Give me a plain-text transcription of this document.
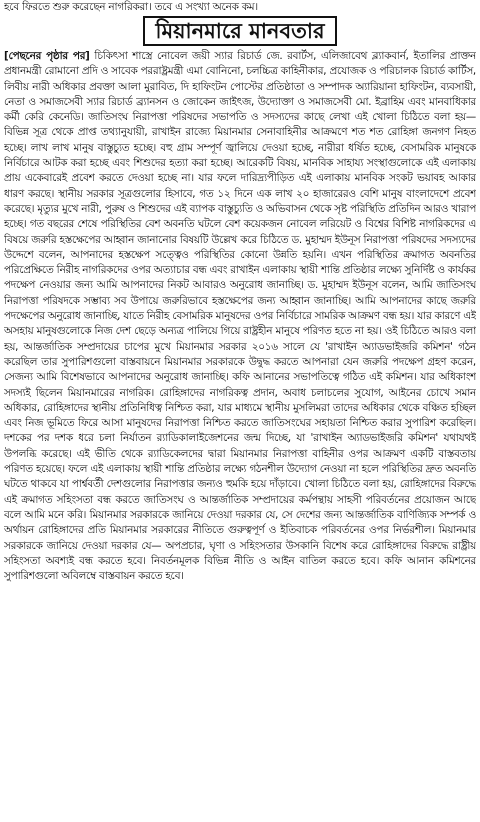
হবে ফিরতে শুরু করেছেন নাগরিকরা। তবে এ সংখ্যা অনেক কম।
মিয়ানমারে মানবতার
[পেছনের পৃষ্ঠার পর] চিকিৎসা শাস্ত্রে নোবেল জয়ী স্যার রিচার্ড জে. রবার্টস, এলিজাবেথ ব্ল্যাকবার্ন, ইতালির প্রাক্তন প্রধানমন্ত্রী রোমানো প্রদি ও সাবেক পররাষ্ট্রমন্ত্রী এমা বোনিনো, চলচ্চিত্র কাহিনীকার, প্রযোজক ও পরিচালক রিচার্ড কার্টিস, লিবীয় নারী অধিকার প্রবক্তা আলা মুরাবিত, দি হাফিংটন পোস্টের প্রতিষ্ঠাতা ও সম্পাদক অ্যারিয়ানা হাফিংটন, ব্যবসায়ী, নেতা ও সমাজসেবী স্যার রিচার্ড ব্র্যানসন ও জোকেন জাইৎজ, উদ্যোক্তা ও সমাজসেবী মো. ইব্রাহিম এবং মানবাধিকার কর্মী কেরি কেনেডি। জাতিসংঘ নিরাপত্তা পরিষদের সভাপতি ও সদস্যদের কাছে লেখা এই খোলা চিঠিতে বলা হয়— বিভিন্ন সূত্র থেকে প্রাপ্ত তথ্যানুযায়ী, রাখাইন রাজ্যে মিয়ানমার সেনাবাহিনীর আক্রমণে শত শত রোহিঙ্গা জনগণ নিহত হচ্ছে। লাখ লাখ মানুষ বাস্তুচ্যুত হচ্ছে। বহু গ্রাম সম্পূর্ণ জ্বালিয়ে দেওয়া হচ্ছে, নারীরা ধর্ষিত হচ্ছে, বেসামরিক মানুষকে নির্বিচারে আটক করা হচ্ছে এবং শিশুদের হত্যা করা হচ্ছে। আরেকটি বিষয়, মানবিক সাহায্য সংস্থাগুলোকে এই এলাকায় প্রায় একেবারেই প্রবেশ করতে দেওয়া হচ্ছে না। যার ফলে দারিদ্র্যপীড়িত এই এলাকায় মানবিক সংকট ভয়াবহ আকার ধারণ করছে। স্থানীয় সরকার সূত্রগুলোর হিসাবে, গত ১২ দিনে এক লাখ ২০ হাজারেরও বেশি মানুষ বাংলাদেশে প্রবেশ করেছে। মৃত্যুর মুখে নারী, পুরুষ ও শিশুদের এই ব্যাপক বাস্তুচ্যুতি ও অভিবাসন থেকে সৃষ্ট পরিস্থিতি প্রতিদিন আরও খারাপ হচ্ছে। গত বছরের শেষে পরিস্থিতির বেশ অবনতি ঘটলে বেশ কয়েকজন নোবেল লরিয়েট ও বিশ্বের বিশিষ্ট নাগরিকদের এ বিষয়ে জরুরি হস্তক্ষেপের আহ্বান জানানোর বিষয়টি উল্লেখ করে চিঠিতে ড. মুহাম্মদ ইউনূস নিরাপত্তা পরিষদের সদস্যদের উদ্দেশে বলেন, আপনাদের হস্তক্ষেপ সত্ত্বেও পরিস্থিতির কোনো উন্নতি হয়নি। এখন পরিস্থিতির ক্রমাগত অবনতির পরিপ্রেক্ষিতে নিরীহ নাগরিকদের ওপর অত্যাচার বন্ধ এবং রাখাইন এলাকায় স্থায়ী শান্তি প্রতিষ্ঠার লক্ষ্যে সুনির্দিষ্ট ও কার্যকর পদক্ষেপ নেওয়ার জন্য আমি আপনাদের নিকট আবারও অনুরোধ জানাচ্ছি। ড. মুহাম্মদ ইউনূস বলেন, আমি জাতিসংঘ নিরাপত্তা পরিষদকে সম্ভাব্য সব উপায়ে জরুরিভাবে হস্তক্ষেপের জন্য আহ্বান জানাচ্ছি। আমি আপনাদের কাছে জরুরি পদক্ষেপের অনুরোধ জানাচ্ছি, যাতে নিরীহ বেসামরিক মানুষদের ওপর নির্বিচারে সামরিক আক্রমণ বন্ধ হয়। যার কারণে এই অসহায় মানুষগুলোকে নিজ দেশ ছেড়ে অন্যত্র পালিয়ে গিয়ে রাষ্ট্রহীন মানুষে পরিণত হতে না হয়। ওই চিঠিতে আরও বলা হয়, আন্তর্জাতিক সম্প্রদায়ের চাপের মুখে মিয়ানমার সরকার ২০১৬ সালে যে 'রাখাইন অ্যাডভাইজরি কমিশন' গঠন করেছিল তার সুপারিশগুলো বাস্তবায়নে মিয়ানমার সরকারকে উদ্বুদ্ধ করতে আপনারা যেন জরুরি পদক্ষেপ গ্রহণ করেন, সেজন্য আমি বিশেষভাবে আপনাদের অনুরোধ জানাচ্ছি। কফি আনানের সভাপতিত্বে গঠিত এই কমিশন। যার অধিকাংশ সদস্যই ছিলেন মিয়ানমারের নাগরিক। রোহিঙ্গাদের নাগরিকত্ব প্রদান, অবাধ চলাচলের সুযোগ, আইনের চোখে সমান অধিকার, রোহিঙ্গাদের স্থানীয় প্রতিনিধিত্ব নিশ্চিত করা, যার মাধ্যমে স্থানীয় মুসলিমরা তাদের অধিকার থেকে বঞ্চিত হচ্ছিল এবং নিজ ভূমিতে ফিরে আসা মানুষদের নিরাপত্তা নিশ্চিত করতে জাতিসংঘের সহায়তা নিশ্চিত করার সুপারিশ করেছিল। দশকের পর দশক ধরে চলা নির্যাতন র‍্যাডিকালাইজেশনের জন্ম দিচ্ছে, যা 'রাখাইন অ্যাডভাইজরি কমিশন' যথাযথই উপলব্ধি করেছে। এই ভীতি থেকে র‍্যাডিকেলদের দ্বারা মিয়ানমার নিরাপত্তা বাহিনীর ওপর আক্রমণ একটি বাস্তবতায় পরিণত হয়েছে। ফলে এই এলাকায় স্থায়ী শান্তি প্রতিষ্ঠার লক্ষ্যে গঠনশীল উদ্যোগ নেওয়া না হলে পরিস্থিতির দ্রুত অবনতি ঘটতে থাকবে যা পার্শ্ববর্তী দেশগুলোর নিরাপত্তার জন্যও হুমকি হয়ে দাঁড়াবে। খোলা চিঠিতে বলা হয়, রোহিঙ্গাদের বিরুদ্ধে এই ক্রমাগত সহিংসতা বন্ধ করতে জাতিসংঘ ও আন্তর্জাতিক সম্প্রদায়ের কর্মপন্থায় সাহসী পরিবর্তনের প্রয়োজন আছে বলে আমি মনে করি। মিয়ানমার সরকারকে জানিয়ে দেওয়া দরকার যে, সে দেশের জন্য আন্তর্জাতিক বাণিজ্যিক সম্পর্ক ও অর্থায়ন রোহিঙ্গাদের প্রতি মিয়ানমার সরকারের নীতিতে গুরুত্বপূর্ণ ও ইতিবাচক পরিবর্তনের ওপর নির্ভরশীল। মিয়ানমার সরকারকে জানিয়ে দেওয়া দরকার যে— অপপ্রচার, ঘৃণা ও সহিংসতার উসকানি বিশেষ করে রোহিঙ্গাদের বিরুদ্ধে রাষ্ট্রীয় সহিংসতা অবশ্যই বন্ধ করতে হবে। নিবর্তনমূলক বিভিন্ন নীতি ও আইন বাতিল করতে হবে। কফি আনান কমিশনের সুপারিশগুলো অবিলম্বে বাস্তবায়ন করতে হবে।
